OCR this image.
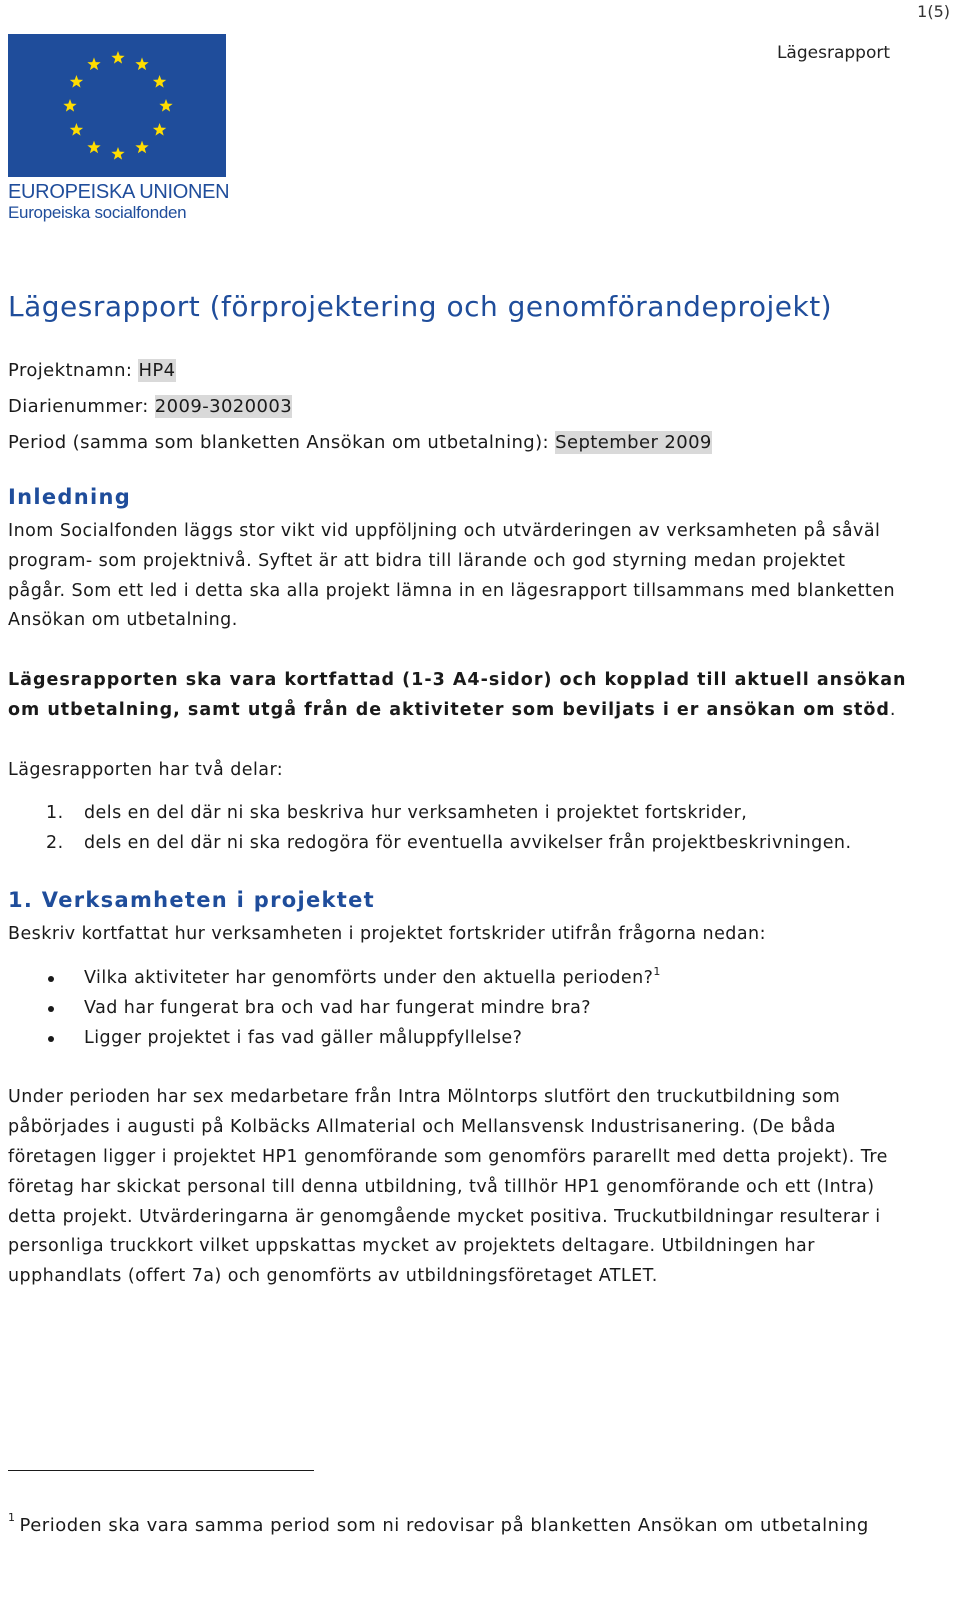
1(5)
Lägesrapport
EUROPEISKA UNIONEN
Europeiska socialfonden
Lägesrapport (förprojektering och genomförandeprojekt)
Projektnamn: HP4
Diarienummer: 2009-3020003
Period (samma som blanketten Ansökan om utbetalning): September 2009
Inledning

Inom Socialfonden läggs stor vikt vid uppföljning och utvärderingen av verksamheten på såväl program- som projektnivå. Syftet är att bidra till lärande och god styrning medan projektet pågår. Som ett led i detta ska alla projekt lämna in en lägesrapport tillsammans med blanketten Ansökan om utbetalning.

Lägesrapporten ska vara kortfattad (1-3 A4-sidor) och kopplad till aktuell ansökan om utbetalning, samt utgå från de aktiviteter som beviljats i er ansökan om stöd.

Lägesrapporten har två delar:

1. dels en del där ni ska beskriva hur verksamheten i projektet fortskrider,
2. dels en del där ni ska redogöra för eventuella avvikelser från projektbeskrivningen.
1. Verksamheten i projektet

Beskriv kortfattat hur verksamheten i projektet fortskrider utifrån frågorna nedan:

Vilka aktiviteter har genomförts under den aktuella perioden?$^1$
Vad har fungerat bra och vad har fungerat mindre bra?
Ligger projektet i fas vad gäller måluppfyllelse?

Under perioden har sex medarbetare från Intra Mölntorps slutfört den truckutbildning som påbörjades i augusti på Kolbäcks Allmaterial och Mellansvensk Industrisanering. (De båda företagen ligger i projektet HP1 genomförande som genomförs pararellt med detta projekt). Tre företag har skickat personal till denna utbildning, två tillhör HP1 genomförande och ett (Intra) detta projekt. Utvärderingarna är genomgående mycket positiva. Truckutbildningar resulterar i personliga truckkort vilket uppskattas mycket av projektets deltagare. Utbildningen har upphandlats (offert 7a) och genomförts av utbildningsföretaget ATLET.

$^1$ Perioden ska vara samma period som ni redovisar på blanketten Ansökan om utbetalning
